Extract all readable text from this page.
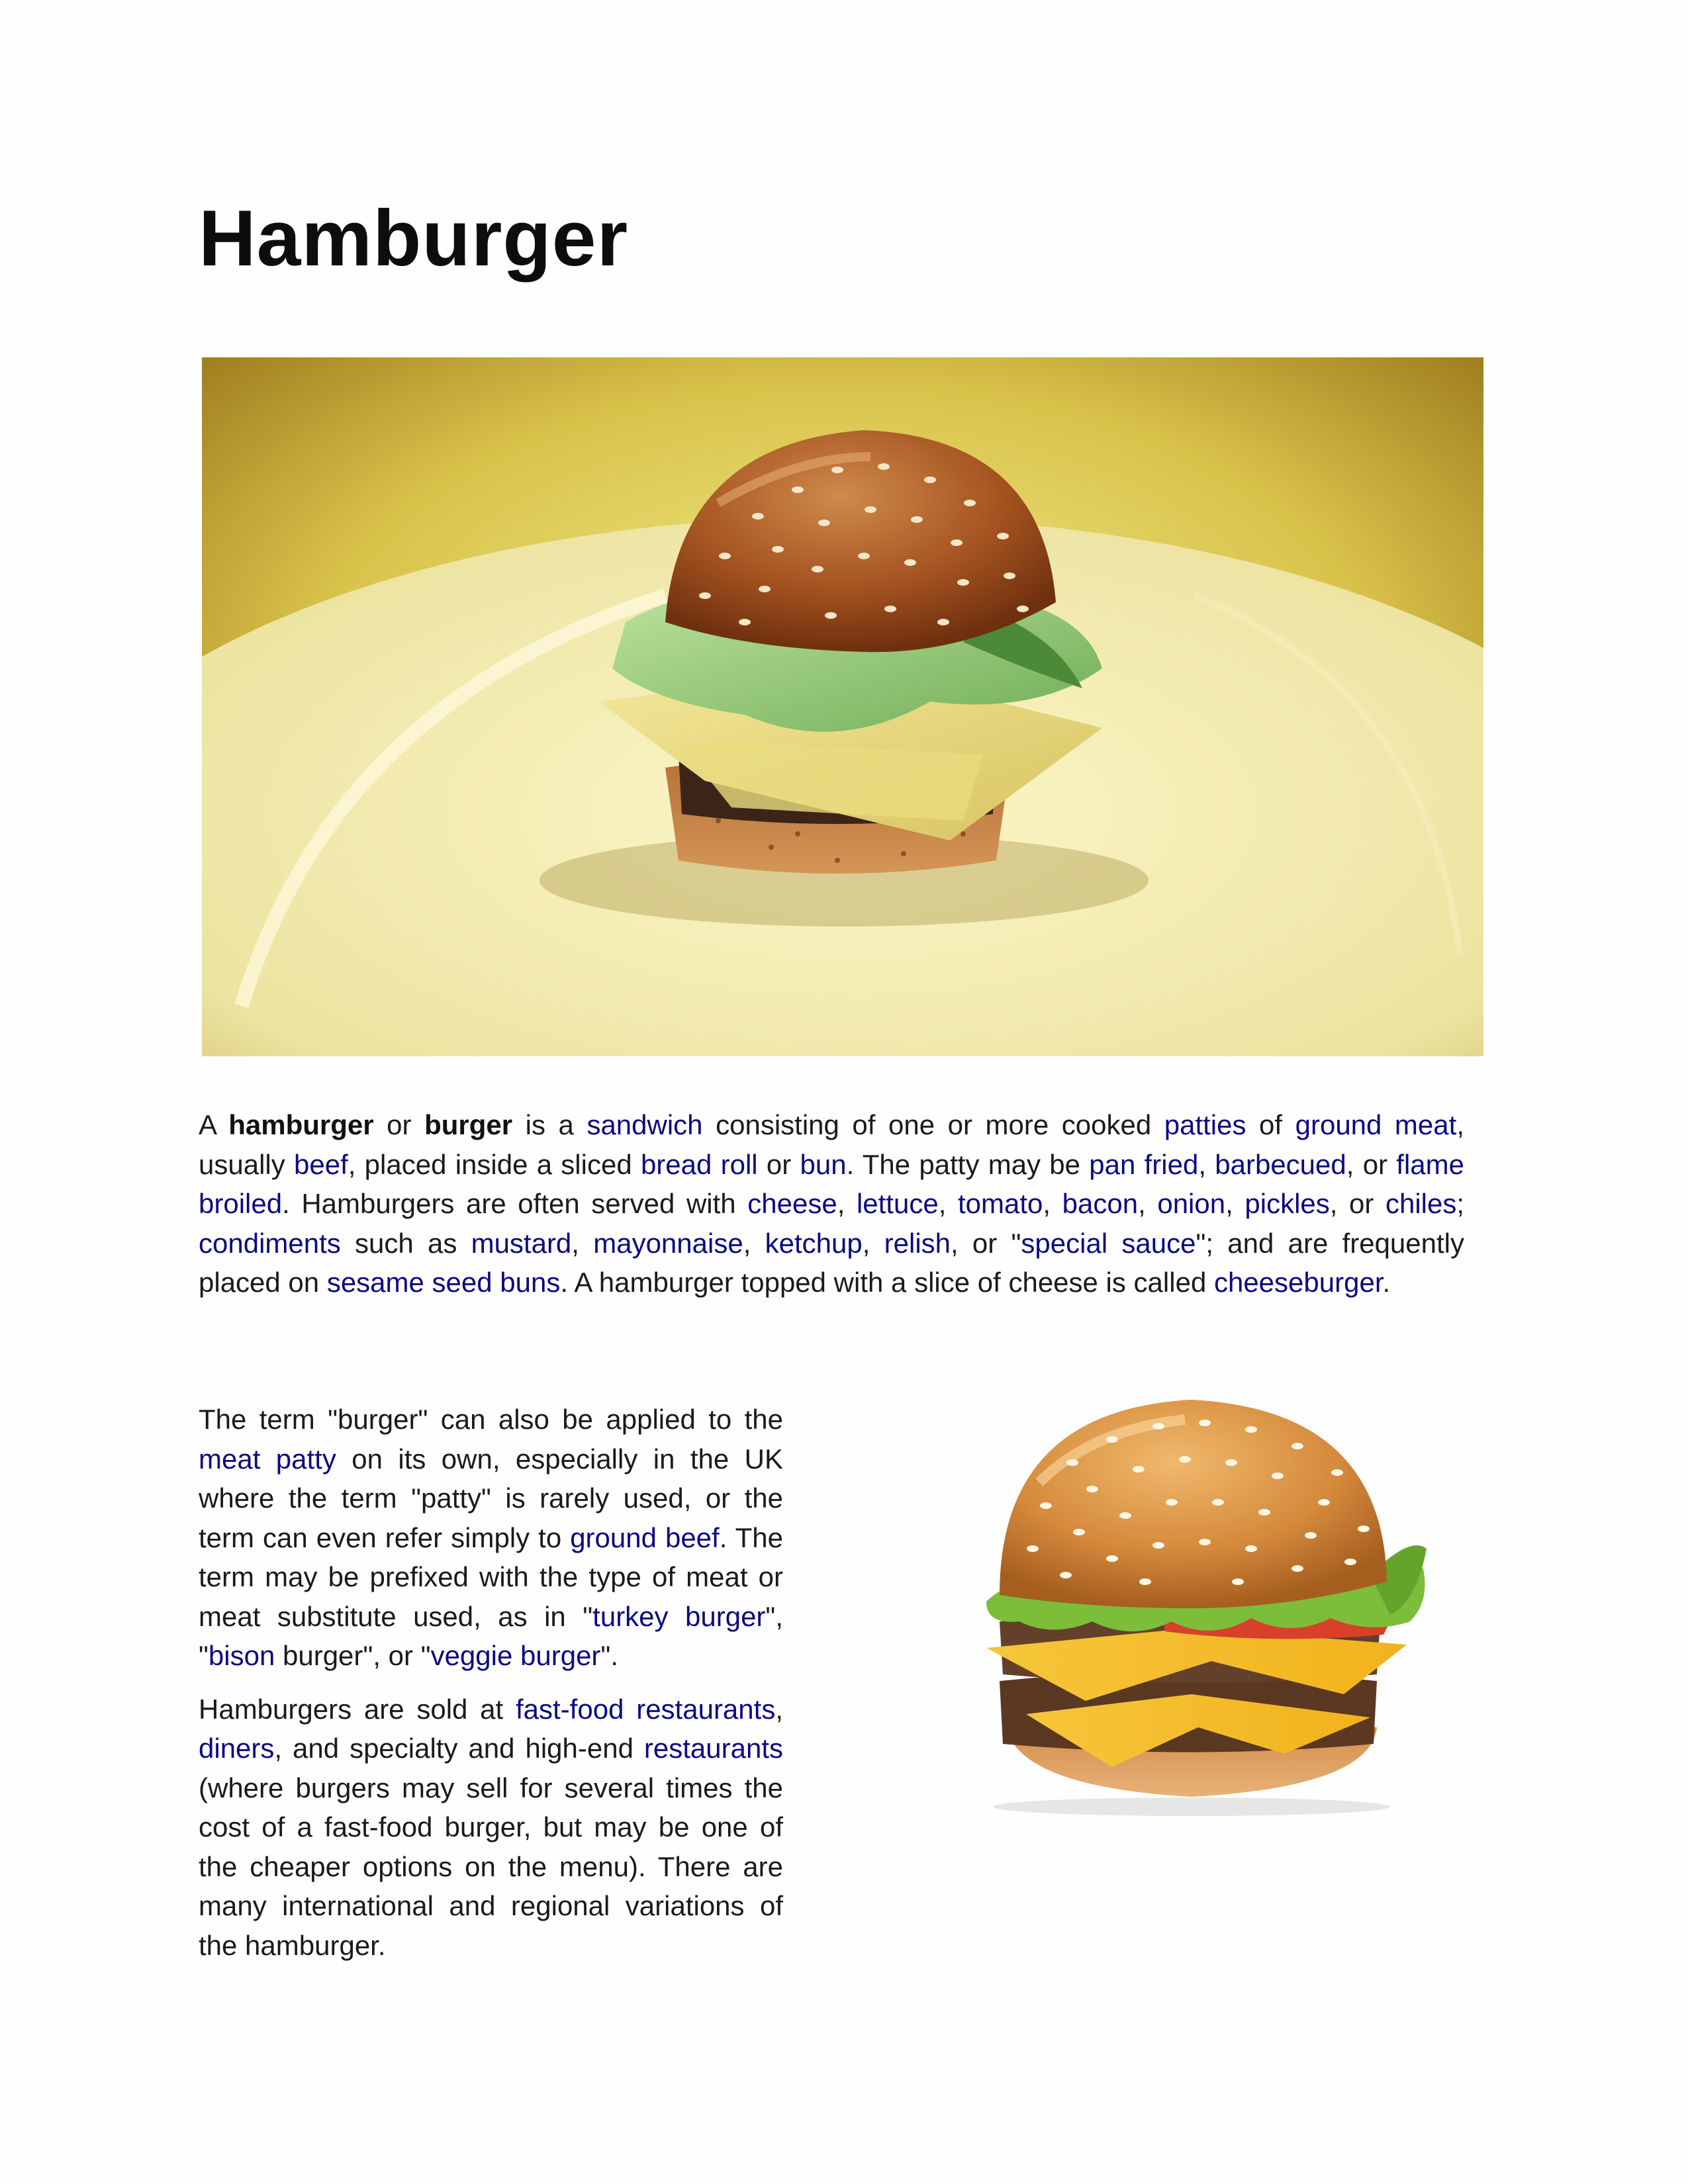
Hamburger

A hamburger or burger is a sandwich consisting of one or more cooked patties of ground meat, usually beef, placed inside a sliced bread roll or bun. The patty may be pan fried, barbecued, or flame broiled. Hamburgers are often served with cheese, lettuce, tomato, bacon, onion, pickles, or chiles; condiments such as mustard, mayonnaise, ketchup, relish, or "special sauce"; and are frequently placed on sesame seed buns. A hamburger topped with a slice of cheese is called cheeseburger.

The term "burger" can also be applied to the meat patty on its own, especially in the UK where the term "patty" is rarely used, or the term can even refer simply to ground beef. The term may be prefixed with the type of meat or meat substitute used, as in "turkey burger", "bison burger", or "veggie burger".

Hamburgers are sold at fast-food restaurants, diners, and specialty and high-end restaurants (where burgers may sell for several times the cost of a fast-food burger, but may be one of the cheaper options on the menu). There are many international and regional variations of the hamburger.
